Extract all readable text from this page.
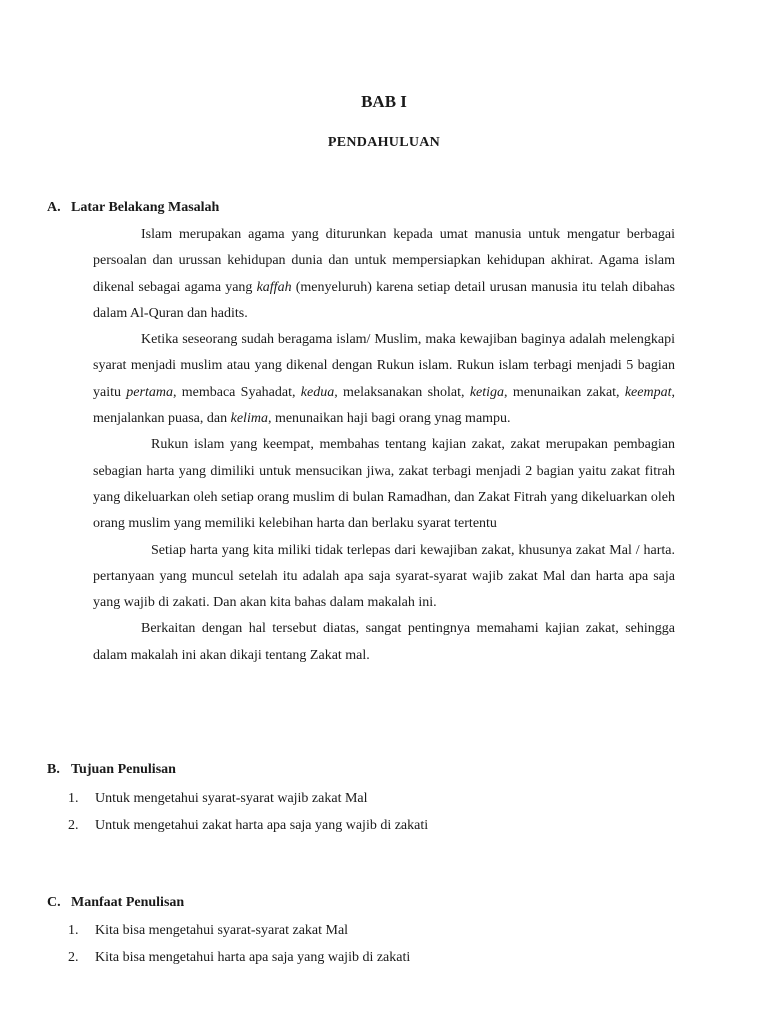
BAB I
PENDAHULUAN
A. Latar Belakang Masalah

Islam merupakan agama yang diturunkan kepada umat manusia untuk mengatur berbagai persoalan dan urussan kehidupan dunia dan untuk mempersiapkan kehidupan akhirat. Agama islam dikenal sebagai agama yang kaffah (menyeluruh) karena setiap detail urusan manusia itu telah dibahas dalam Al-Quran dan hadits.

Ketika seseorang sudah beragama islam/ Muslim, maka kewajiban baginya adalah melengkapi syarat menjadi muslim atau yang dikenal dengan Rukun islam. Rukun islam terbagi menjadi 5 bagian yaitu pertama, membaca Syahadat, kedua, melaksanakan sholat, ketiga, menunaikan zakat, keempat, menjalankan puasa, dan kelima, menunaikan haji bagi orang ynag mampu.

Rukun islam yang keempat, membahas tentang kajian zakat, zakat merupakan pembagian sebagian harta yang dimiliki untuk mensucikan jiwa, zakat terbagi menjadi 2 bagian yaitu zakat fitrah yang dikeluarkan oleh setiap orang muslim di bulan Ramadhan, dan Zakat Fitrah yang dikeluarkan oleh orang muslim yang memiliki kelebihan harta dan berlaku syarat tertentu

Setiap harta yang kita miliki tidak terlepas dari kewajiban zakat, khusunya zakat Mal / harta. pertanyaan yang muncul setelah itu adalah apa saja syarat-syarat wajib zakat Mal dan harta apa saja yang wajib di zakati. Dan akan kita bahas dalam makalah ini.

Berkaitan dengan hal tersebut diatas, sangat pentingnya memahami kajian zakat, sehingga dalam makalah ini akan dikaji tentang Zakat mal.

B. Tujuan Penulisan
1. Untuk mengetahui syarat-syarat wajib zakat Mal
2. Untuk mengetahui zakat harta apa saja yang wajib di zakati
C. Manfaat Penulisan
1. Kita bisa mengetahui syarat-syarat zakat Mal
2. Kita bisa mengetahui harta apa saja yang wajib di zakati
